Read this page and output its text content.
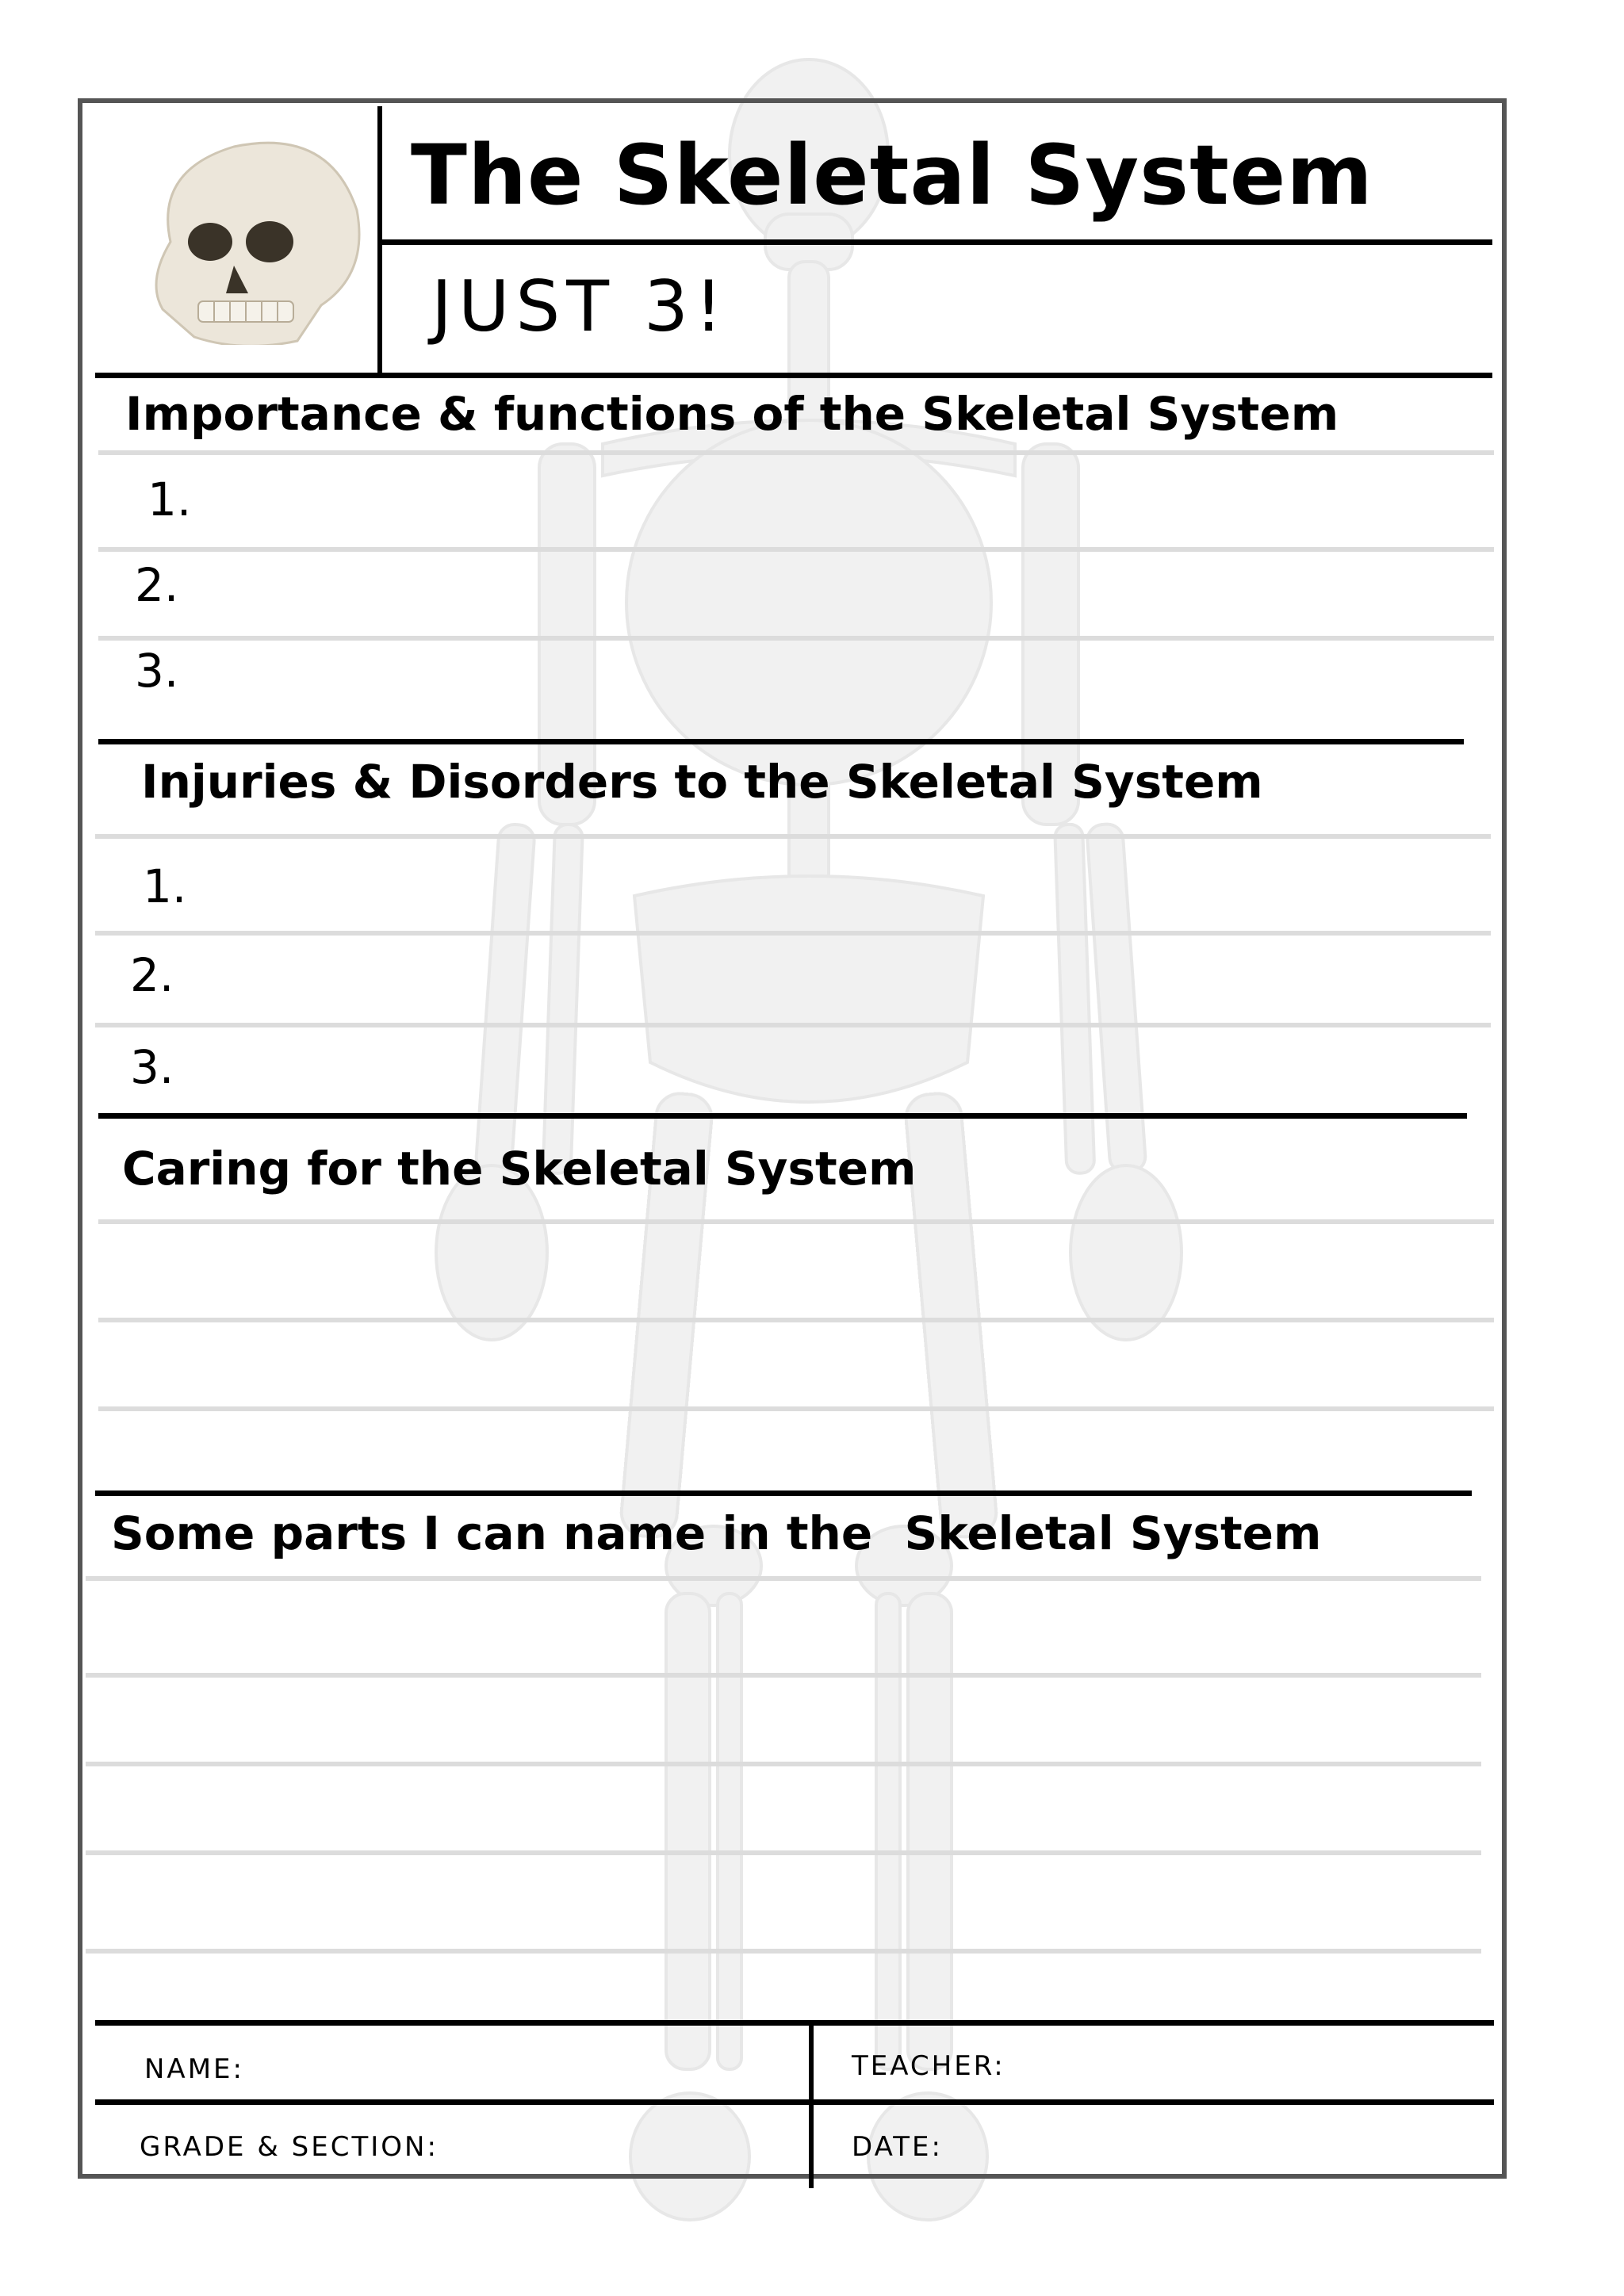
The Skeletal System
JUST 3!
Importance & functions of the Skeletal System
1.
2.
3.
Injuries & Disorders to the Skeletal System
1.
2.
3.
Caring for the Skeletal System
Some parts I can name in the  Skeletal System
NAME:	TEACHER:
GRADE & SECTION:	DATE:
